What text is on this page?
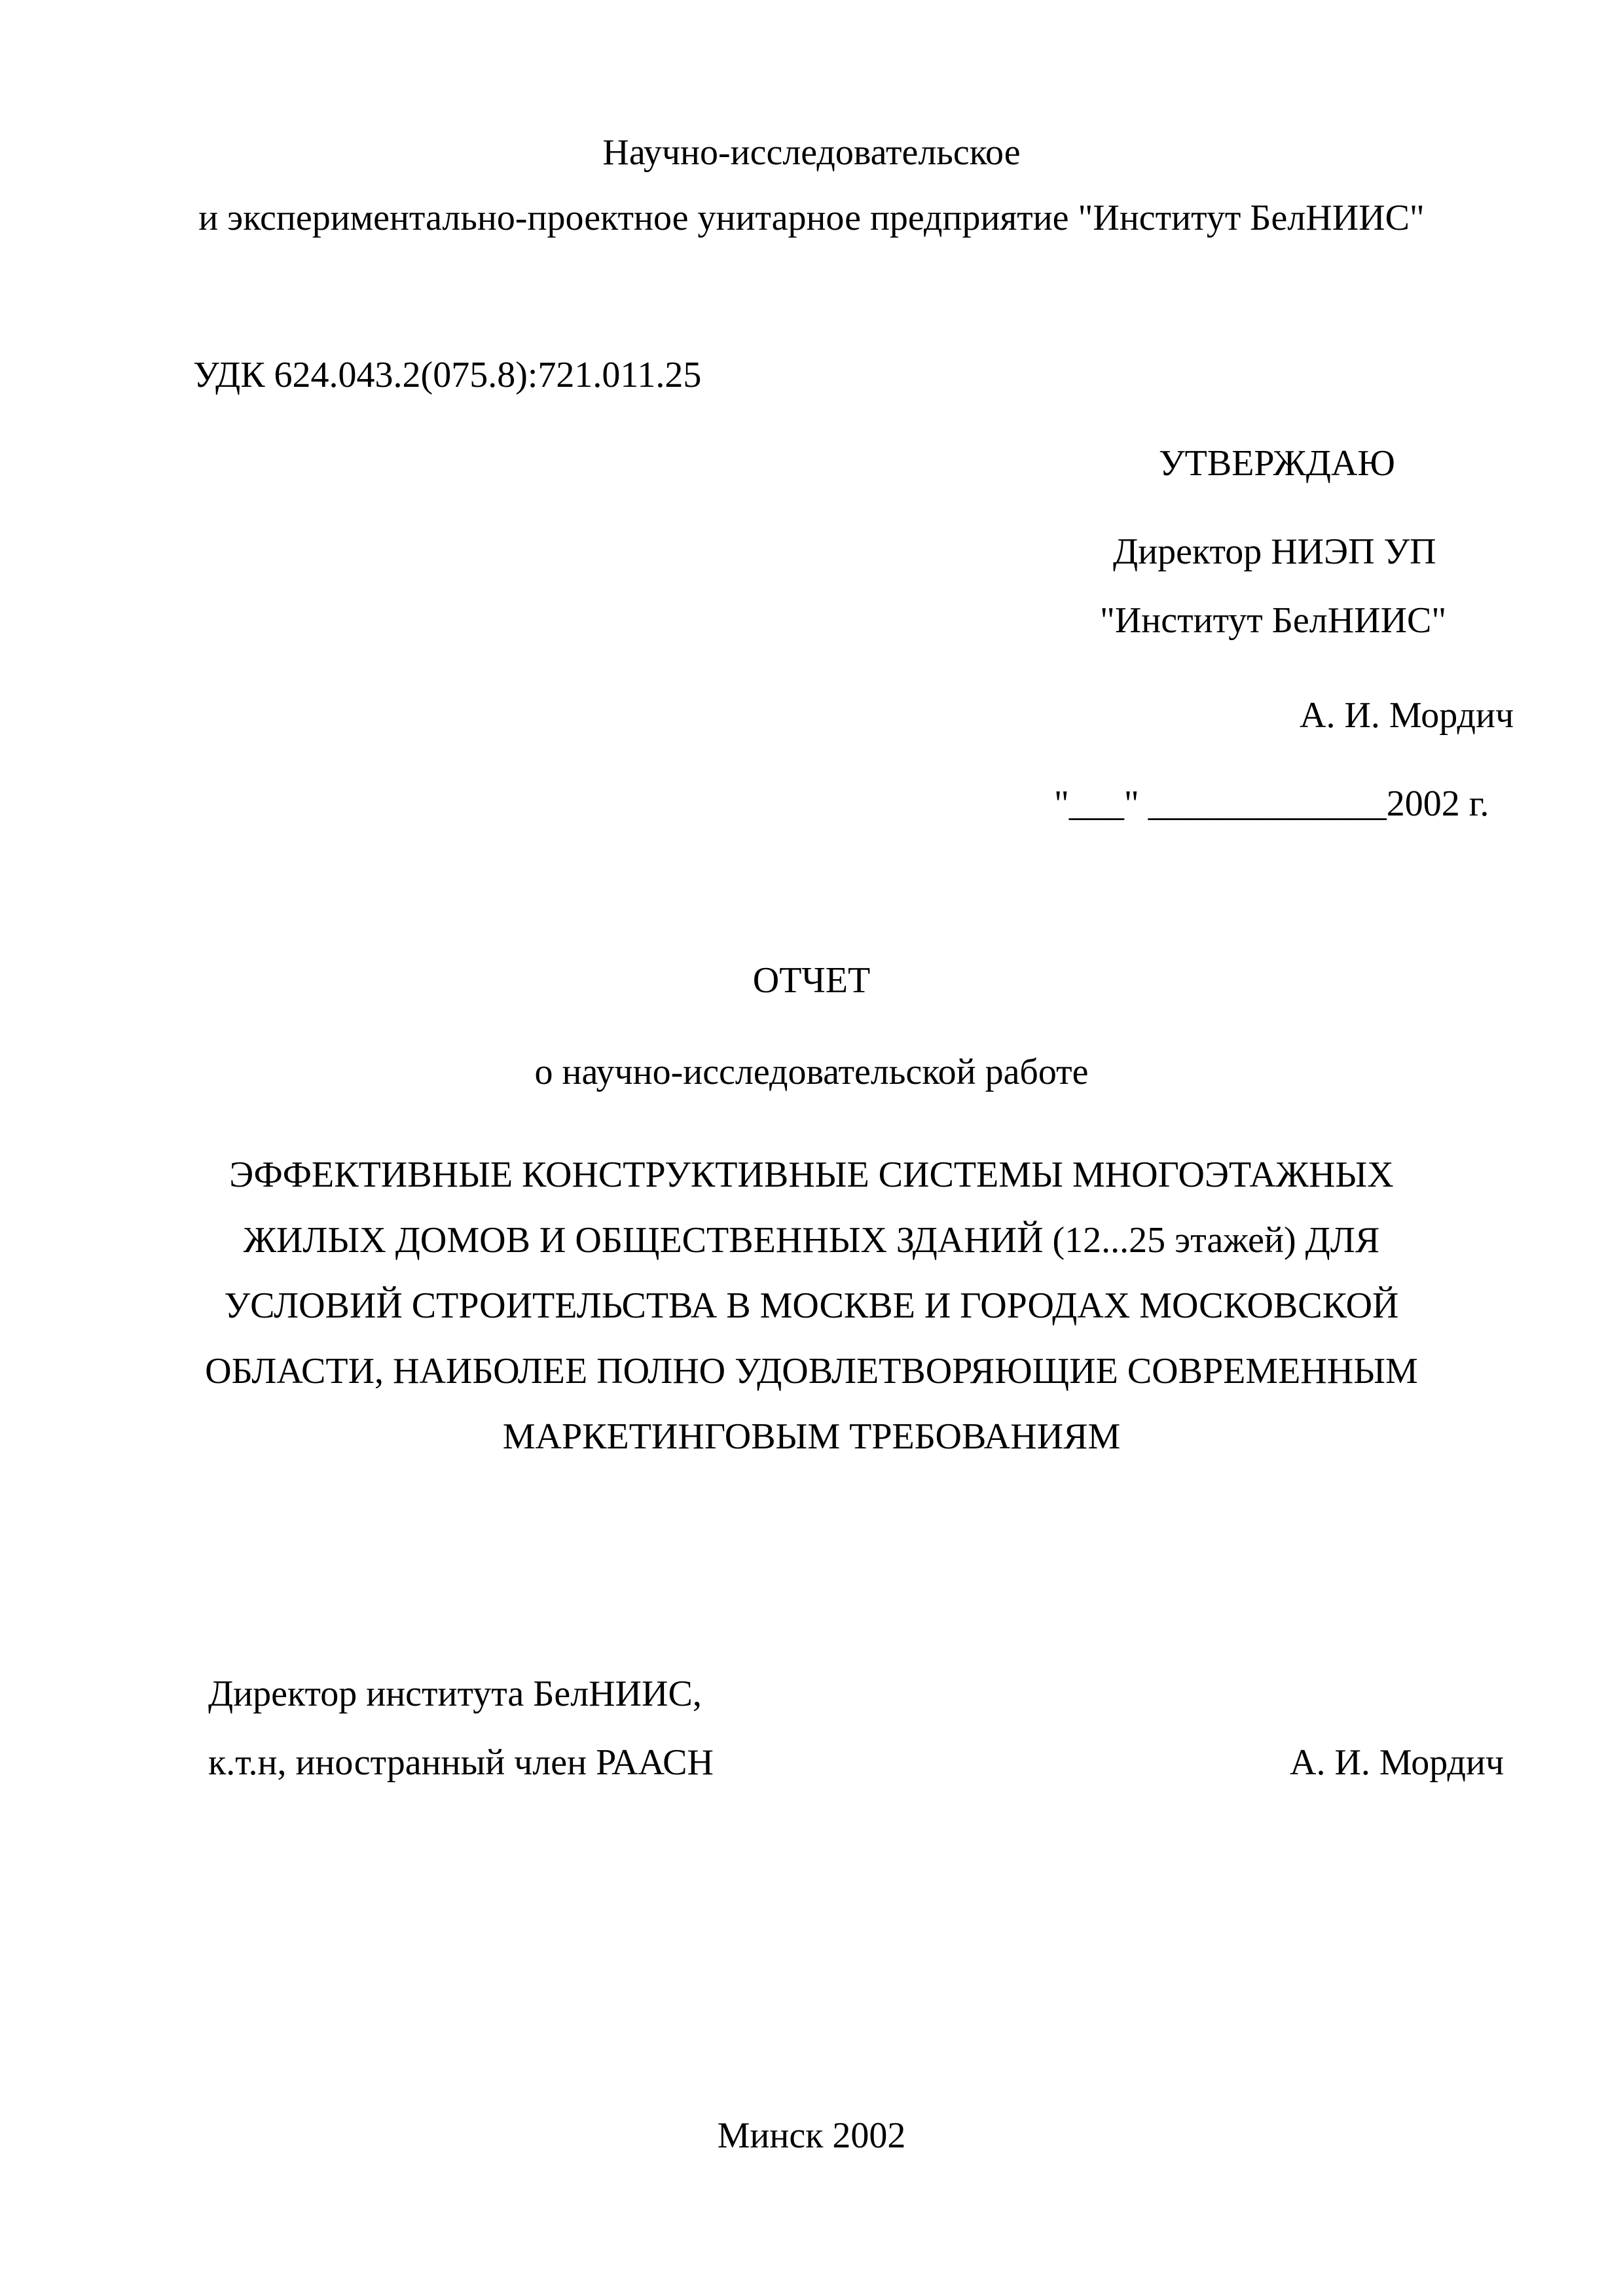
Научно-исследовательское

и экспериментально-проектное унитарное предприятие "Институт БелНИИС"

УДК 624.043.2(075.8):721.011.25

УТВЕРЖДАЮ

Директор НИЭП УП

"Институт БелНИИС"

А. И. Мордич

"___" _____________2002 г.

ОТЧЕТ

о научно-исследовательской работе

ЭФФЕКТИВНЫЕ КОНСТРУКТИВНЫЕ СИСТЕМЫ МНОГОЭТАЖНЫХ
ЖИЛЫХ ДОМОВ И ОБЩЕСТВЕННЫХ ЗДАНИЙ (12...25 этажей) ДЛЯ
УСЛОВИЙ СТРОИТЕЛЬСТВА В МОСКВЕ И ГОРОДАХ МОСКОВСКОЙ
ОБЛАСТИ, НАИБОЛЕЕ ПОЛНО УДОВЛЕТВОРЯЮЩИЕ СОВРЕМЕННЫМ
МАРКЕТИНГОВЫМ ТРЕБОВАНИЯМ

Директор института БелНИИС,

к.т.н, иностранный член РААСН	А. И. Мордич

Минск 2002
